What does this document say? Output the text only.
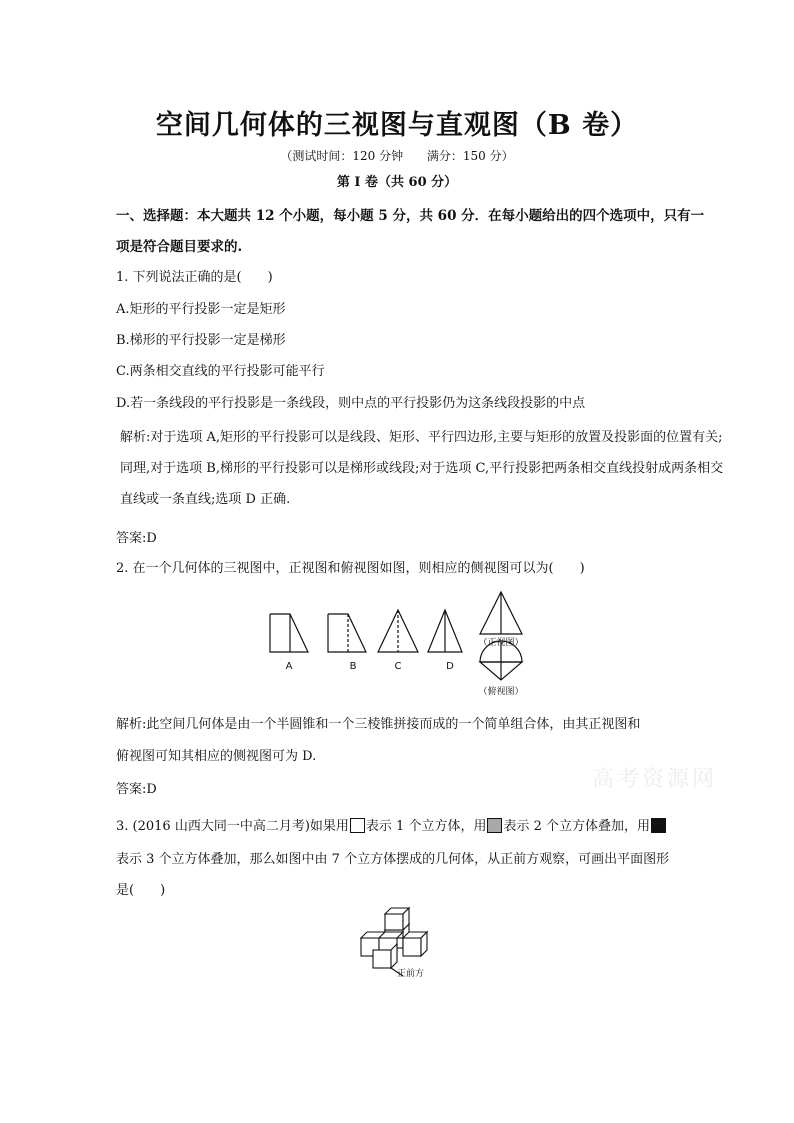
空间几何体的三视图与直观图（B 卷）
（测试时间：120 分钟 满分：150 分）
第 I 卷（共 60 分）
一、选择题：本大题共 12 个小题，每小题 5 分，共 60 分．在每小题给出的四个选项中，只有一
项是符合题目要求的.
1. 下列说法正确的是(　　)
A.矩形的平行投影一定是矩形
B.梯形的平行投影一定是梯形
C.两条相交直线的平行投影可能平行
D.若一条线段的平行投影是一条线段，则中点的平行投影仍为这条线段投影的中点
解析:对于选项 A,矩形的平行投影可以是线段、矩形、平行四边形,主要与矩形的放置及投影面的位置有关;
同理,对于选项 B,梯形的平行投影可以是梯形或线段;对于选项 C,平行投影把两条相交直线投射成两条相交
直线或一条直线;选项 D 正确.
答案:D
2. 在一个几何体的三视图中，正视图和俯视图如图，则相应的侧视图可以为(　　)
A	B	C	D
（正视图）
（俯视图）
解析:此空间几何体是由一个半圆锥和一个三棱锥拼接而成的一个简单组合体，由其正视图和
俯视图可知其相应的侧视图可为 D.
答案:D	高考资源网
3. (2016 山西大同一中高二月考)如果用 表示 1 个立方体，用 表示 2 个立方体叠加，用
表示 3 个立方体叠加，那么如图中由 7 个立方体摆成的几何体，从正前方观察，可画出平面图形
是(　　)
正前方
